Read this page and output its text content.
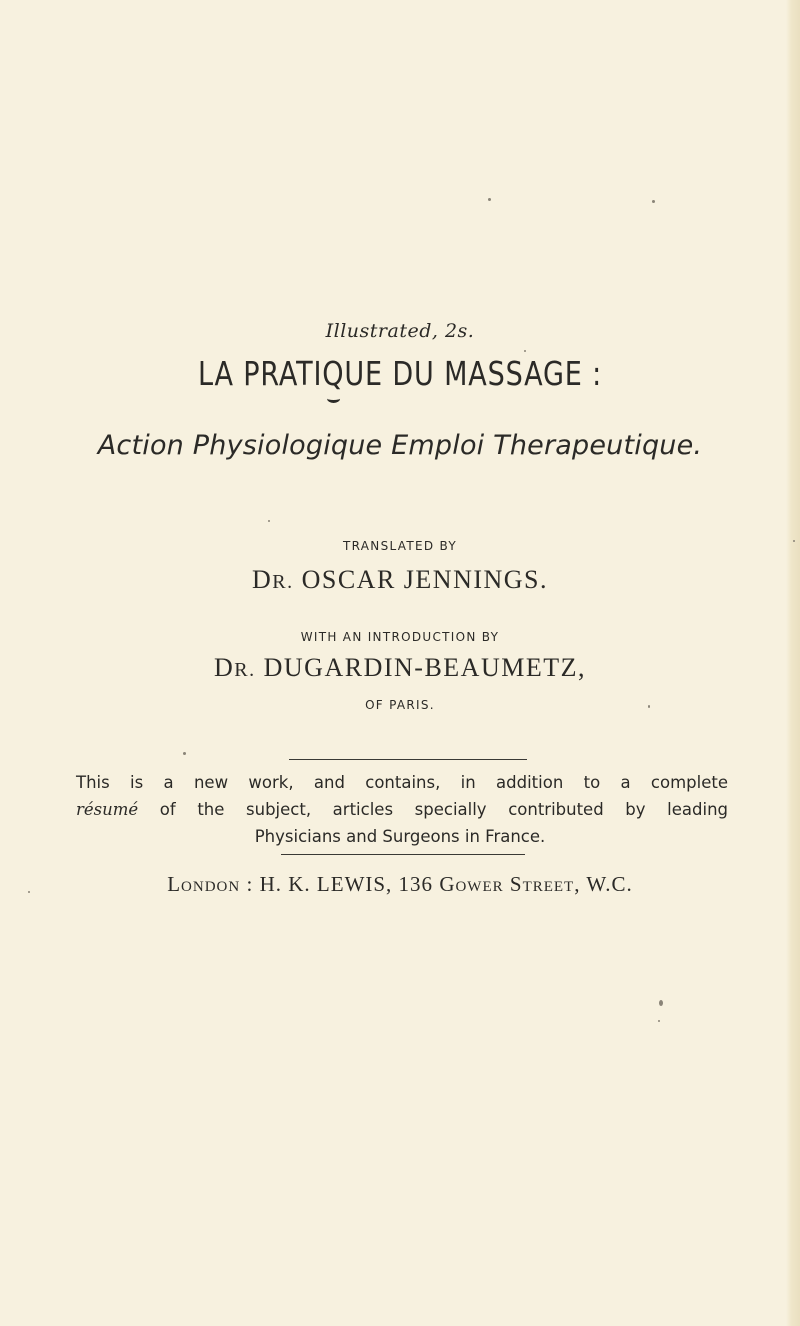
Illustrated, 2s.
LA PRATIQUE DU MASSAGE :
Action Physiologique Emploi Therapeutique.
TRANSLATED BY
DR. OSCAR JENNINGS.
WITH AN INTRODUCTION BY
DR. DUGARDIN-BEAUMETZ,
OF PARIS.
This is a new work, and contains, in addition to a complete
résumé of the subject, articles specially contributed by leading
Physicians and Surgeons in France.
London : H. K. LEWIS, 136 Gower Street, W.C.
